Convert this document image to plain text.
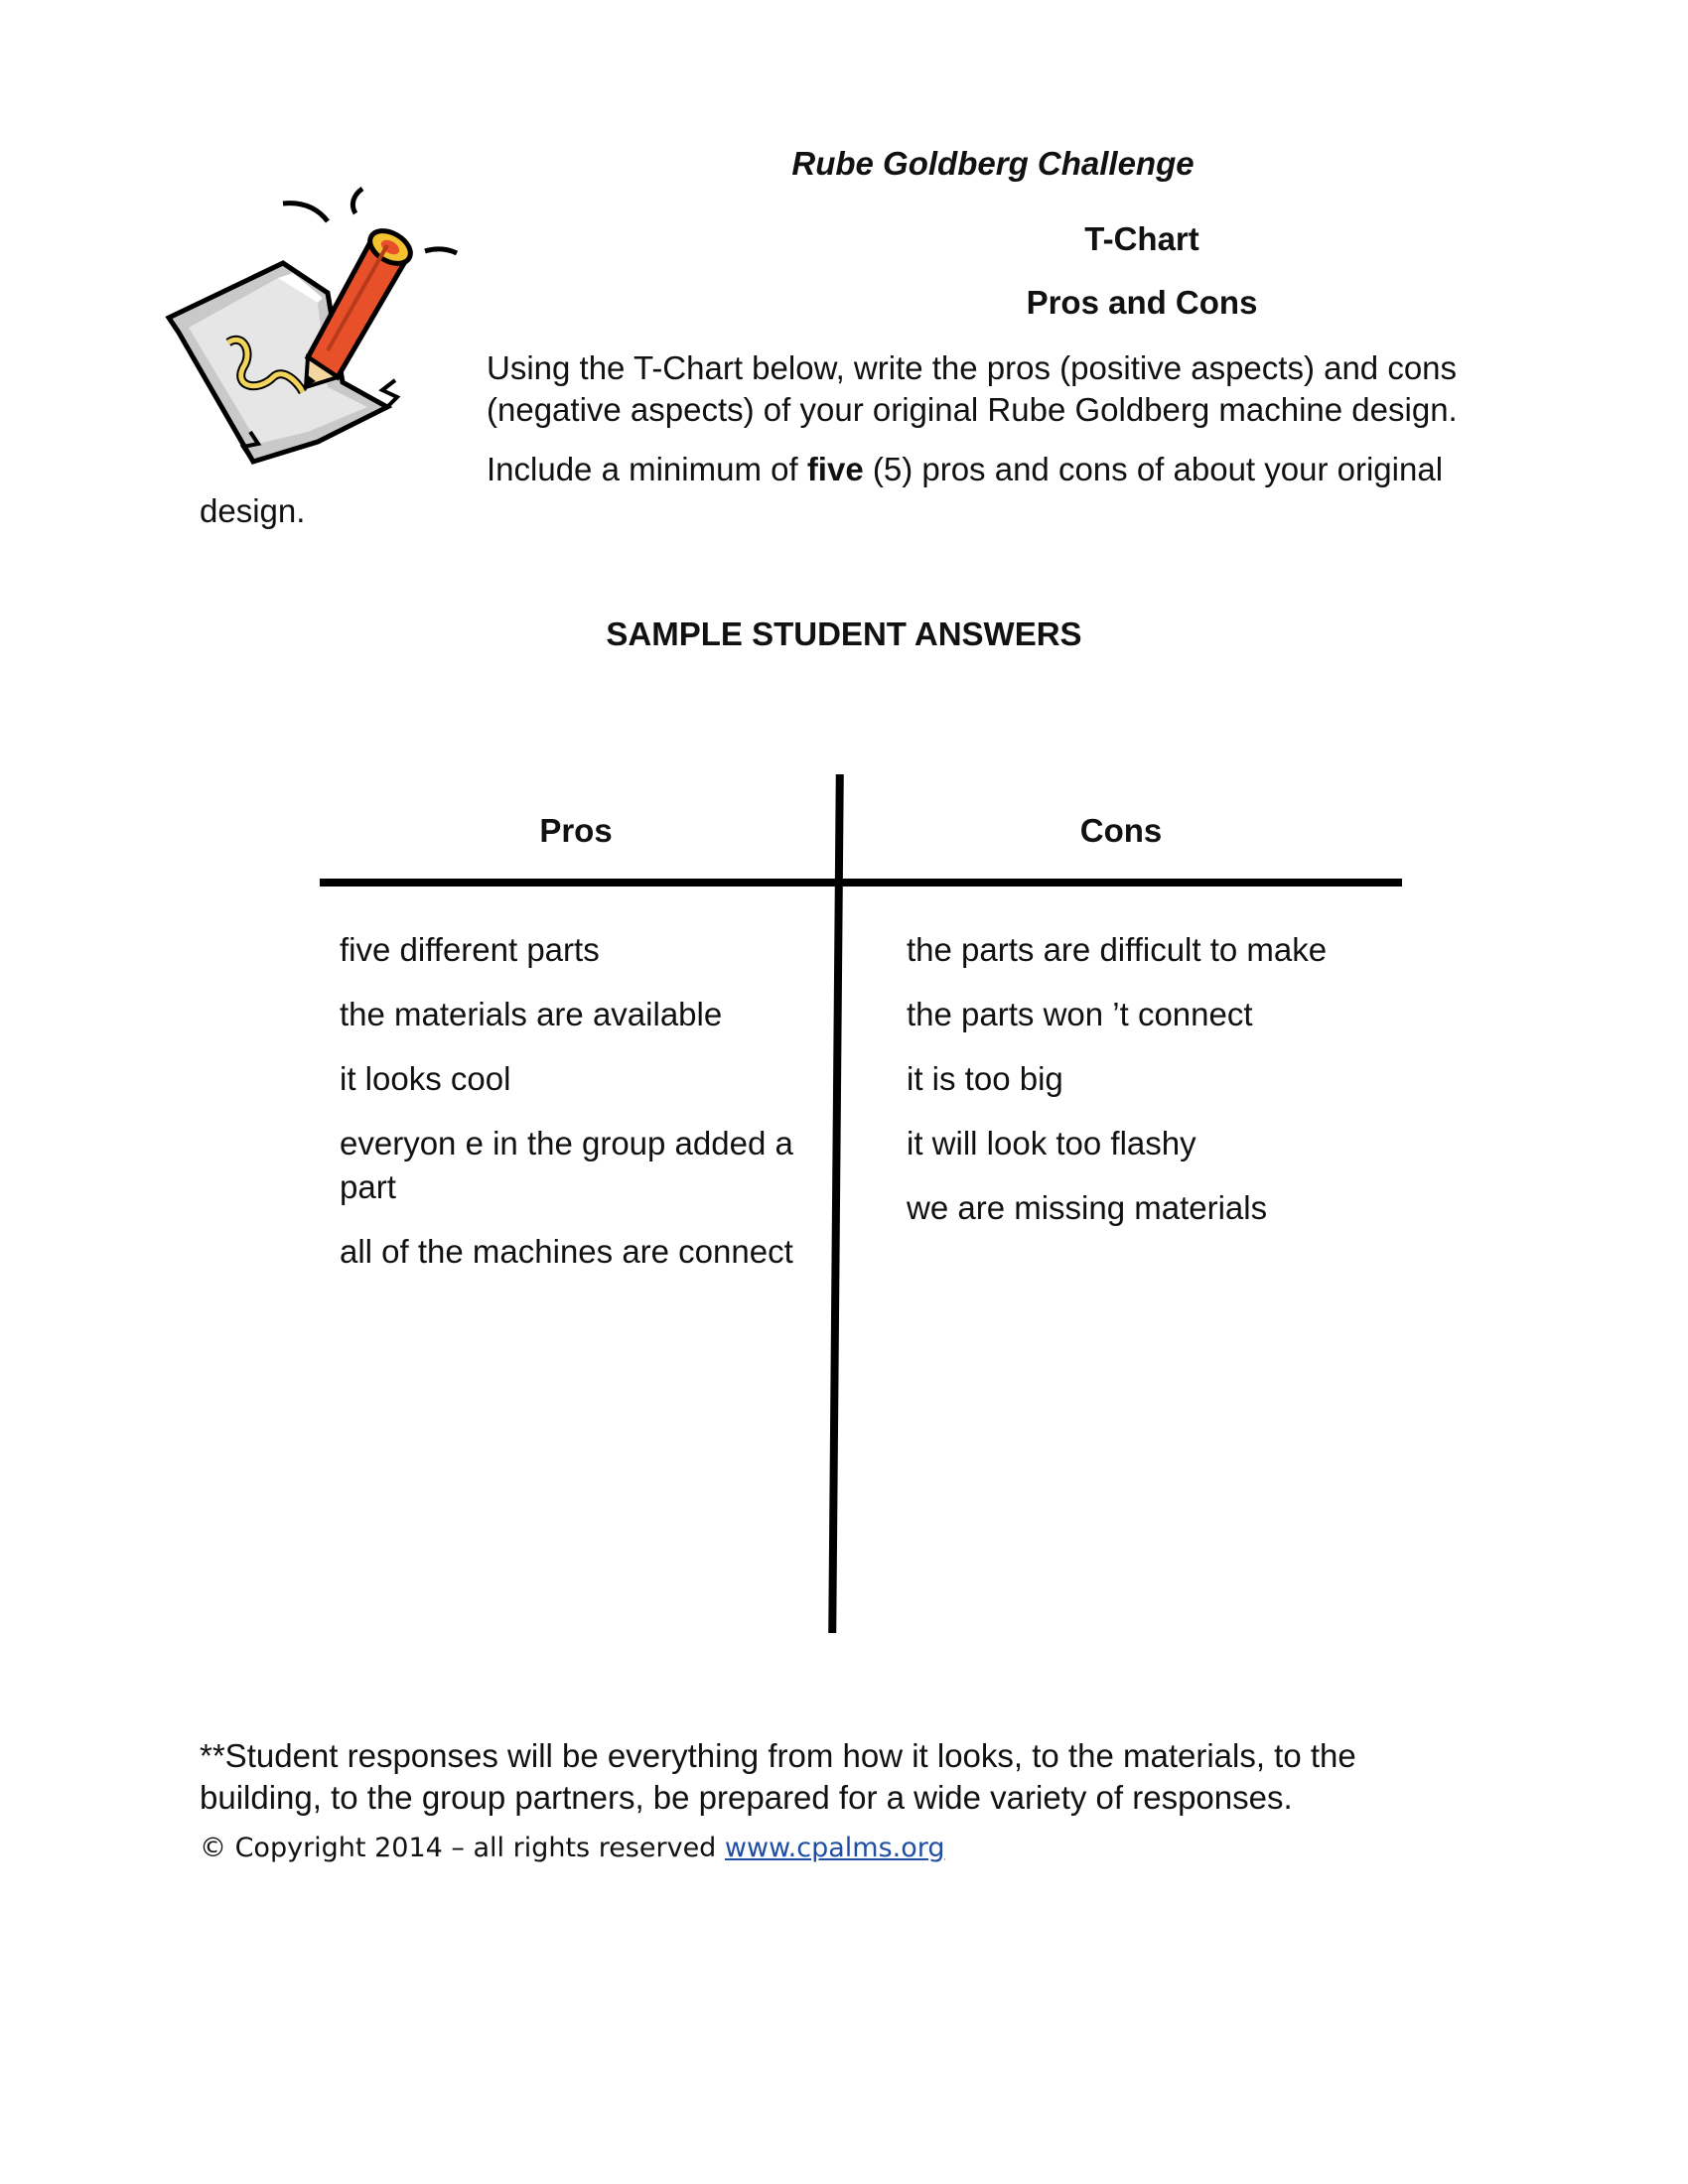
Rube Goldberg Challenge
T-Chart
Pros and Cons
Using the T-Chart below, write the pros (positive aspects) and cons
(negative aspects) of your original Rube Goldberg machine design.
Include a minimum of five (5) pros and cons of about your original
design.
SAMPLE STUDENT ANSWERS
Pros	Cons
five different parts
the materials are available
it looks cool
everyon e in the group added a part
all of the machines are connect
the parts are difficult to make
the parts won ’t connect
it is too big
it will look too flashy
we are missing materials
**Student responses will be everything from how it looks, to the materials, to the
building, to the group partners, be prepared for a wide variety of responses.
© Copyright 2014 – all rights reserved www.cpalms.org
